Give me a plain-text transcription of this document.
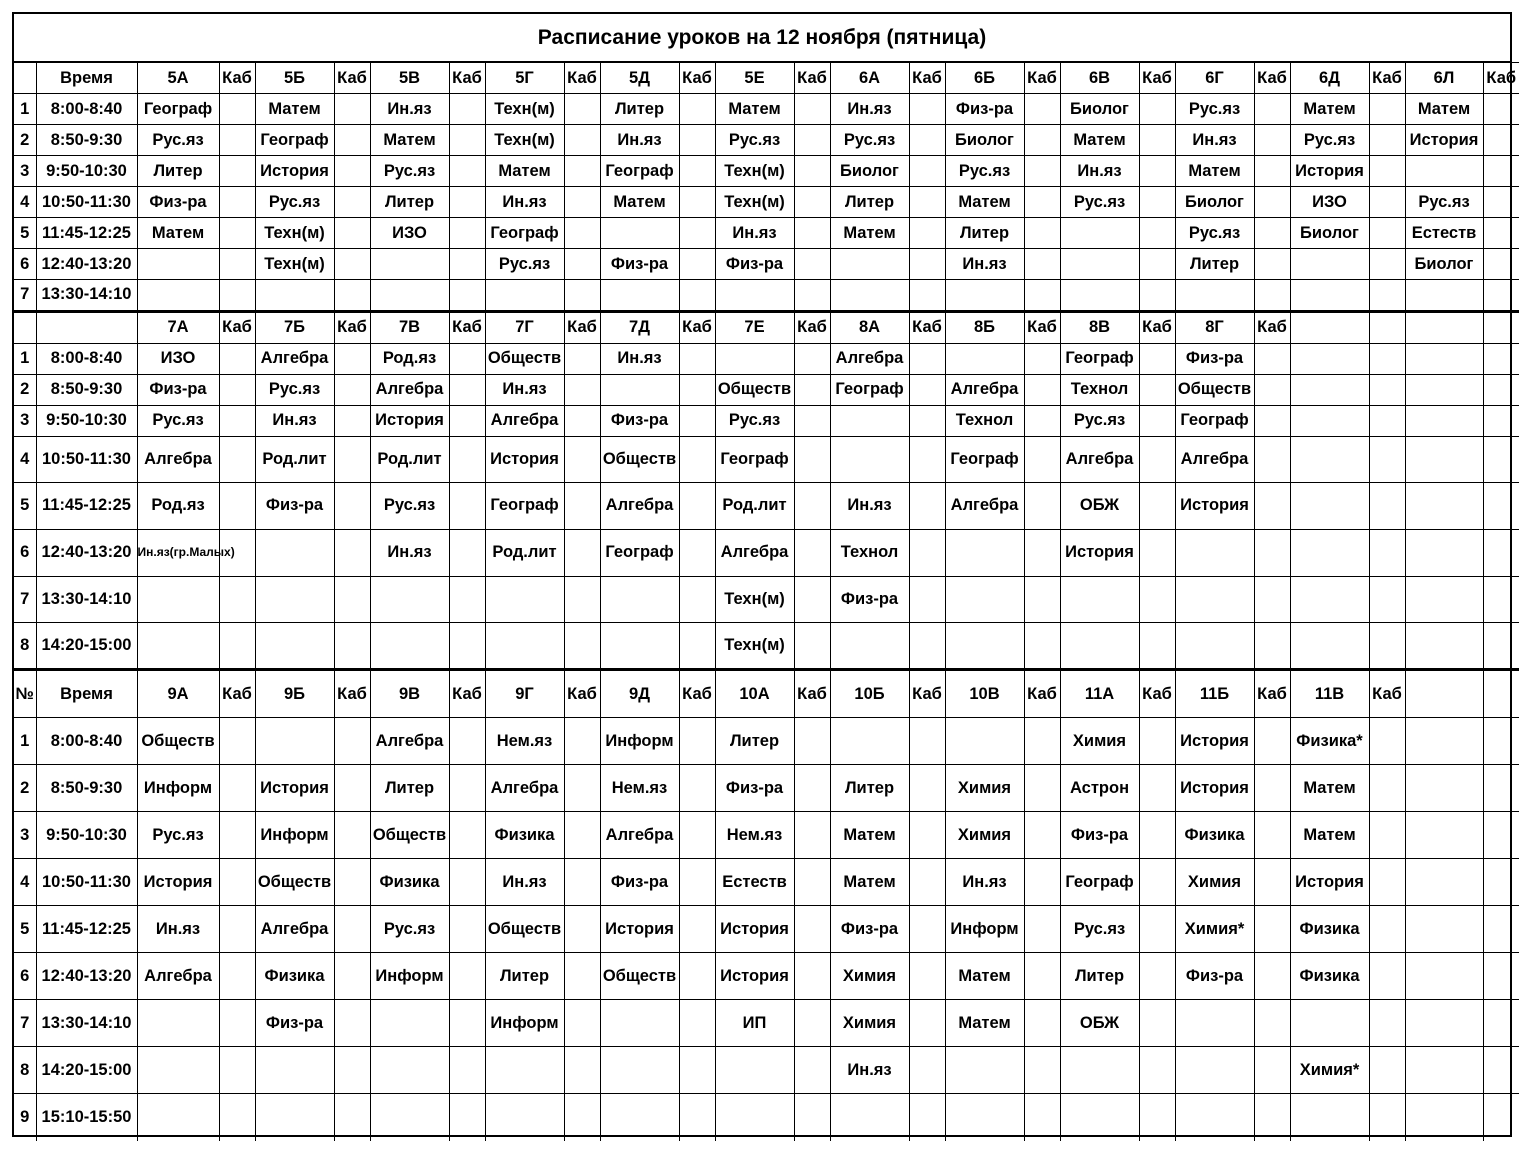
Расписание уроков на 12 ноября (пятница)
	Время	5А	Каб	5Б	Каб	5В	Каб	5Г	Каб	5Д	Каб	5Е	Каб	6А	Каб	6Б	Каб	6В	Каб	6Г	Каб	6Д	Каб	6Л	Каб
1	8:00-8:40	Географ		Матем		Ин.яз		Техн(м)		Литер		Матем		Ин.яз		Физ-ра		Биолог		Рус.яз		Матем		Матем	
2	8:50-9:30	Рус.яз		Географ		Матем		Техн(м)		Ин.яз		Рус.яз		Рус.яз		Биолог		Матем		Ин.яз		Рус.яз		История	
3	9:50-10:30	Литер		История		Рус.яз		Матем		Географ		Техн(м)		Биолог		Рус.яз		Ин.яз		Матем		История			
4	10:50-11:30	Физ-ра		Рус.яз		Литер		Ин.яз		Матем		Техн(м)		Литер		Матем		Рус.яз		Биолог		ИЗО		Рус.яз	
5	11:45-12:25	Матем		Техн(м)		ИЗО		Географ				Ин.яз		Матем		Литер				Рус.яз		Биолог		Естеств	
6	12:40-13:20			Техн(м)				Рус.яз		Физ-ра		Физ-ра				Ин.яз				Литер				Биолог	
7	13:30-14:10																								
		7А	Каб	7Б	Каб	7В	Каб	7Г	Каб	7Д	Каб	7Е	Каб	8А	Каб	8Б	Каб	8В	Каб	8Г	Каб				
1	8:00-8:40	ИЗО		Алгебра		Род.яз		Обществ		Ин.яз				Алгебра				Географ		Физ-ра					
2	8:50-9:30	Физ-ра		Рус.яз		Алгебра		Ин.яз				Обществ		Географ		Алгебра		Технол		Обществ					
3	9:50-10:30	Рус.яз		Ин.яз		История		Алгебра		Физ-ра		Рус.яз				Технол		Рус.яз		Географ					
4	10:50-11:30	Алгебра		Род.лит		Род.лит		История		Обществ		Географ				Географ		Алгебра		Алгебра					
5	11:45-12:25	Род.яз		Физ-ра		Рус.яз		Географ		Алгебра		Род.лит		Ин.яз		Алгебра		ОБЖ		История					
6	12:40-13:20	Ин.яз(гр.Малых)				Ин.яз		Род.лит		Географ		Алгебра		Технол				История							
7	13:30-14:10											Техн(м)		Физ-ра											
8	14:20-15:00											Техн(м)													
№	Время	9А	Каб	9Б	Каб	9В	Каб	9Г	Каб	9Д	Каб	10А	Каб	10Б	Каб	10В	Каб	11А	Каб	11Б	Каб	11В	Каб		
1	8:00-8:40	Обществ				Алгебра		Нем.яз		Информ		Литер						Химия		История		Физика*			
2	8:50-9:30	Информ		История		Литер		Алгебра		Нем.яз		Физ-ра		Литер		Химия		Астрон		История		Матем			
3	9:50-10:30	Рус.яз		Информ		Обществ		Физика		Алгебра		Нем.яз		Матем		Химия		Физ-ра		Физика		Матем			
4	10:50-11:30	История		Обществ		Физика		Ин.яз		Физ-ра		Естеств		Матем		Ин.яз		Географ		Химия		История			
5	11:45-12:25	Ин.яз		Алгебра		Рус.яз		Обществ		История		История		Физ-ра		Информ		Рус.яз		Химия*		Физика			
6	12:40-13:20	Алгебра		Физика		Информ		Литер		Обществ		История		Химия		Матем		Литер		Физ-ра		Физика			
7	13:30-14:10			Физ-ра				Информ				ИП		Химия		Матем		ОБЖ							
8	14:20-15:00													Ин.яз								Химия*			
9	15:10-15:50																								
